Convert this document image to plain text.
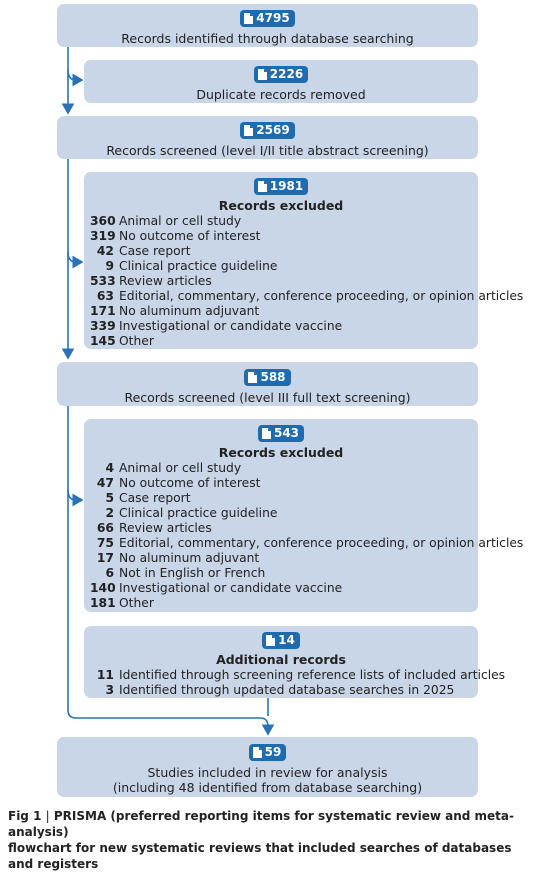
4795
Records identified through database searching
2226
Duplicate records removed
2569
Records screened (level I/II title abstract screening)
1981
Records excluded
360 Animal or cell study
319 No outcome of interest
42 Case report
9 Clinical practice guideline
533 Review articles
63 Editorial, commentary, conference proceeding, or opinion articles
171 No aluminum adjuvant
339 Investigational or candidate vaccine
145 Other
588
Records screened (level III full text screening)
543
Records excluded
4 Animal or cell study
47 No outcome of interest
5 Case report
2 Clinical practice guideline
66 Review articles
75 Editorial, commentary, conference proceeding, or opinion articles
17 No aluminum adjuvant
6 Not in English or French
140 Investigational or candidate vaccine
181 Other
14
Additional records
11 Identified through screening reference lists of included articles
3 Identified through updated database searches in 2025
59
Studies included in review for analysis
(including 48 identified from database searching)
Fig 1 | PRISMA (preferred reporting items for systematic review and meta-analysis)
flowchart for new systematic reviews that included searches of databases and registers
